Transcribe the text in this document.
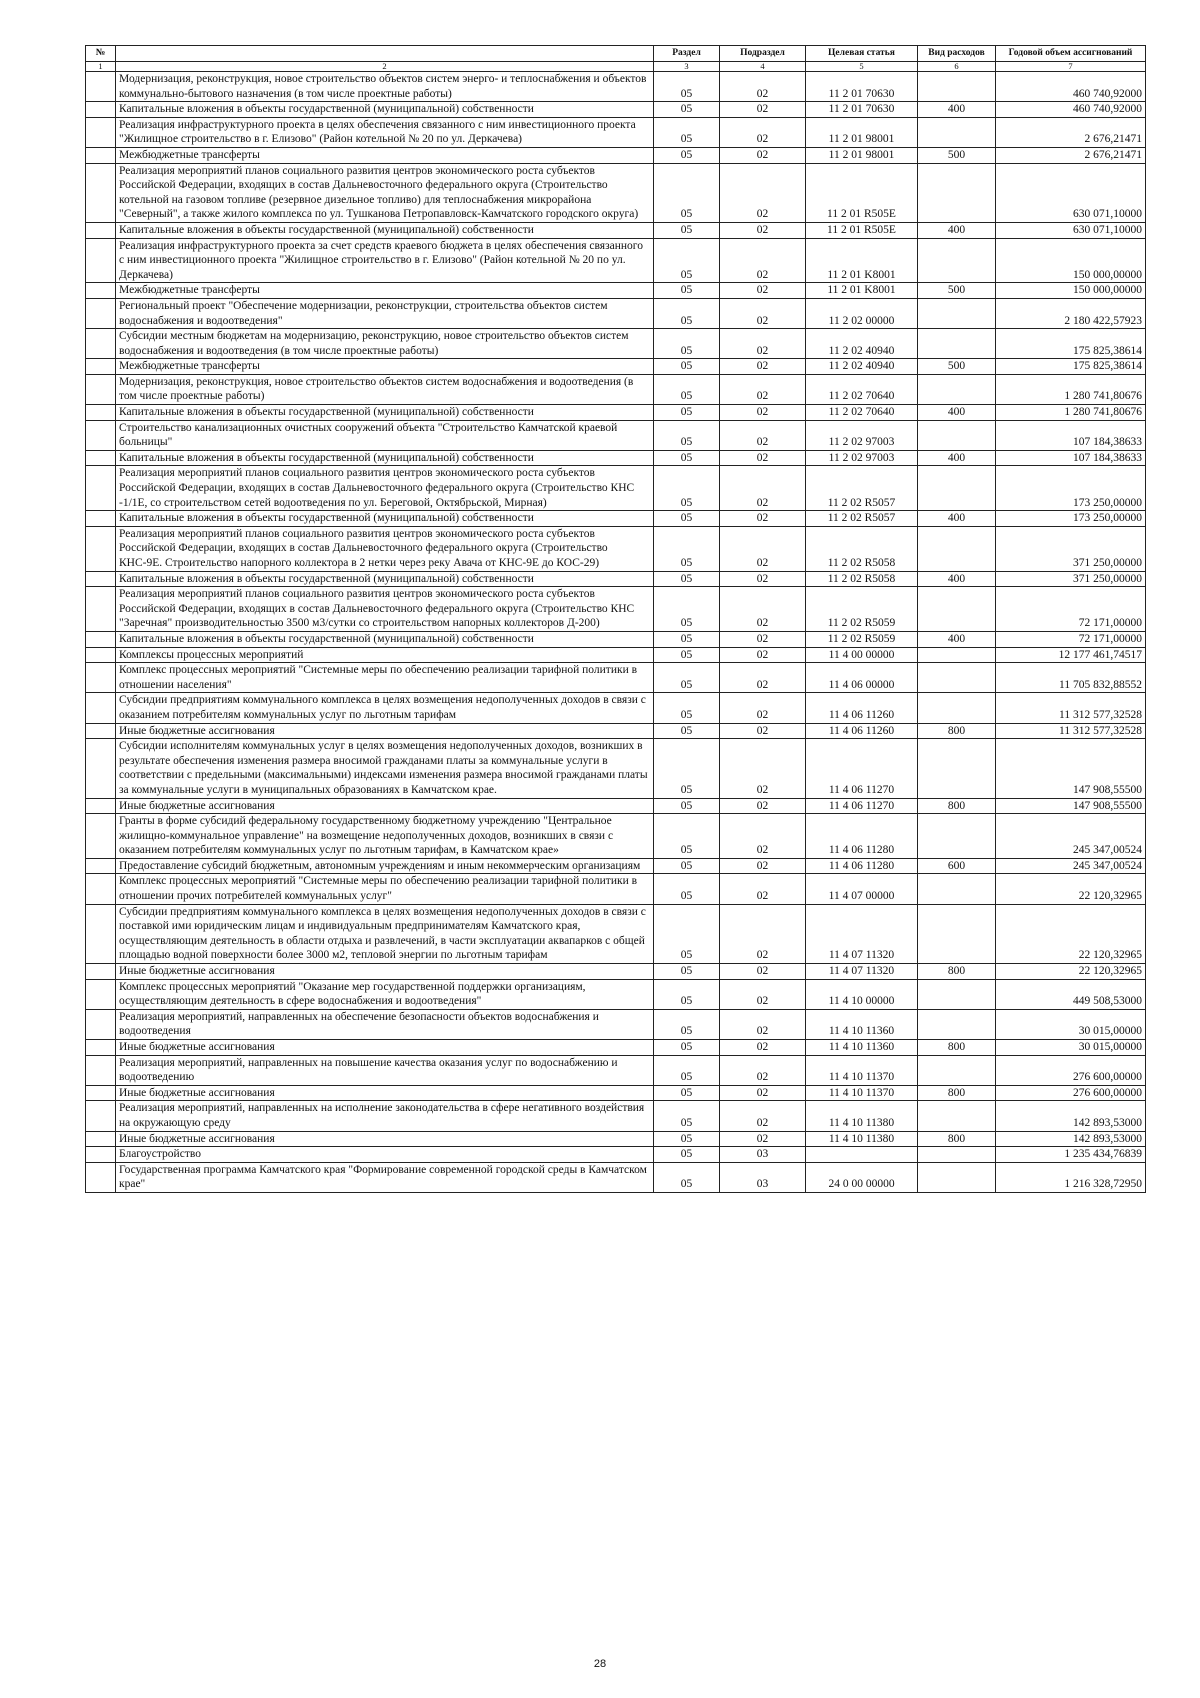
№		Раздел	Подраздел	Целевая статья	Вид расходов	Годовой объем ассигнований
1	2	3	4	5	6	7
	Модернизация, реконструкция, новое строительство объектов систем энерго- и теплоснабжения и объектов коммунально-бытового назначения (в том числе проектные работы)	05	02	11 2 01 70630		460 740,92000
	Капитальные вложения в объекты государственной (муниципальной) собственности	05	02	11 2 01 70630	400	460 740,92000
	Реализация инфраструктурного проекта в целях обеспечения связанного с ним инвестиционного проекта "Жилищное строительство в г. Елизово" (Район котельной № 20 по ул. Деркачева)	05	02	11 2 01 98001		2 676,21471
	Межбюджетные трансферты	05	02	11 2 01 98001	500	2 676,21471
	Реализация мероприятий планов социального развития центров экономического роста субъектов Российской Федерации, входящих в состав Дальневосточного федерального округа (Строительство котельной на газовом топливе (резервное дизельное топливо) для теплоснабжения микрорайона "Северный", а также жилого комплекса по ул. Тушканова Петропавловск-Камчатского городского округа)	05	02	11 2 01 R505E		630 071,10000
	Капитальные вложения в объекты государственной (муниципальной) собственности	05	02	11 2 01 R505E	400	630 071,10000
	Реализация инфраструктурного проекта за счет средств краевого бюджета в целях обеспечения связанного с ним инвестиционного проекта "Жилищное строительство в г. Елизово" (Район котельной № 20 по ул. Деркачева)	05	02	11 2 01 K8001		150 000,00000
	Межбюджетные трансферты	05	02	11 2 01 K8001	500	150 000,00000
	Региональный проект "Обеспечение модернизации, реконструкции, строительства объектов систем водоснабжения и водоотведения"	05	02	11 2 02 00000		2 180 422,57923
	Субсидии местным бюджетам на модернизацию, реконструкцию, новое строительство объектов систем водоснабжения и водоотведения (в том числе проектные работы)	05	02	11 2 02 40940		175 825,38614
	Межбюджетные трансферты	05	02	11 2 02 40940	500	175 825,38614
	Модернизация, реконструкция, новое строительство объектов систем водоснабжения и водоотведения (в том числе проектные работы)	05	02	11 2 02 70640		1 280 741,80676
	Капитальные вложения в объекты государственной (муниципальной) собственности	05	02	11 2 02 70640	400	1 280 741,80676
	Строительство канализационных очистных сооружений объекта "Строительство Камчатской краевой больницы"	05	02	11 2 02 97003		107 184,38633
	Капитальные вложения в объекты государственной (муниципальной) собственности	05	02	11 2 02 97003	400	107 184,38633
	Реализация мероприятий планов социального развития центров экономического роста субъектов Российской Федерации, входящих в состав Дальневосточного федерального округа (Строительство КНС -1/1Е, со строительством сетей водоотведения по ул. Береговой, Октябрьской, Мирная)	05	02	11 2 02 R5057		173 250,00000
	Капитальные вложения в объекты государственной (муниципальной) собственности	05	02	11 2 02 R5057	400	173 250,00000
	Реализация мероприятий планов социального развития центров экономического роста субъектов Российской Федерации, входящих в состав Дальневосточного федерального округа (Строительство КНС-9Е. Строительство напорного коллектора в 2 нетки через реку Авача от КНС-9Е до КОС-29)	05	02	11 2 02 R5058		371 250,00000
	Капитальные вложения в объекты государственной (муниципальной) собственности	05	02	11 2 02 R5058	400	371 250,00000
	Реализация мероприятий планов социального развития центров экономического роста субъектов Российской Федерации, входящих в состав Дальневосточного федерального округа (Строительство КНС "Заречная" производительностью 3500 м3/сутки со строительством напорных коллекторов Д-200)	05	02	11 2 02 R5059		72 171,00000
	Капитальные вложения в объекты государственной (муниципальной) собственности	05	02	11 2 02 R5059	400	72 171,00000
	Комплексы процессных мероприятий	05	02	11 4 00 00000		12 177 461,74517
	Комплекс процессных мероприятий "Системные меры по обеспечению реализации тарифной политики в отношении населения"	05	02	11 4 06 00000		11 705 832,88552
	Субсидии предприятиям коммунального комплекса в целях возмещения недополученных доходов в связи с оказанием потребителям коммунальных услуг по льготным тарифам	05	02	11 4 06 11260		11 312 577,32528
	Иные бюджетные ассигнования	05	02	11 4 06 11260	800	11 312 577,32528
	Субсидии исполнителям коммунальных услуг в целях возмещения недополученных доходов, возникших в результате обеспечения изменения размера вносимой гражданами платы за коммунальные услуги в соответствии с предельными (максимальными) индексами изменения размера вносимой гражданами платы за коммунальные услуги в муниципальных образованиях в Камчатском крае.	05	02	11 4 06 11270		147 908,55500
	Иные бюджетные ассигнования	05	02	11 4 06 11270	800	147 908,55500
	Гранты в форме субсидий федеральному государственному бюджетному учреждению "Центральное жилищно-коммунальное управление" на возмещение недополученных доходов, возникших в связи с оказанием потребителям коммунальных услуг по льготным тарифам, в Камчатском крае»	05	02	11 4 06 11280		245 347,00524
	Предоставление субсидий бюджетным, автономным учреждениям и иным некоммерческим организациям	05	02	11 4 06 11280	600	245 347,00524
	Комплекс процессных мероприятий "Системные меры по обеспечению реализации тарифной политики в отношении прочих потребителей коммунальных услуг"	05	02	11 4 07 00000		22 120,32965
	Субсидии предприятиям коммунального комплекса в целях возмещения недополученных доходов в связи с поставкой ими юридическим лицам и индивидуальным предпринимателям Камчатского края, осуществляющим деятельность в области отдыха и развлечений, в части эксплуатации аквапарков с общей площадью водной поверхности более 3000 м2, тепловой энергии по льготным тарифам	05	02	11 4 07 11320		22 120,32965
	Иные бюджетные ассигнования	05	02	11 4 07 11320	800	22 120,32965
	Комплекс процессных мероприятий "Оказание мер государственной поддержки организациям, осуществляющим деятельность в сфере водоснабжения и водоотведения"	05	02	11 4 10 00000		449 508,53000
	Реализация мероприятий, направленных на обеспечение безопасности объектов водоснабжения и водоотведения	05	02	11 4 10 11360		30 015,00000
	Иные бюджетные ассигнования	05	02	11 4 10 11360	800	30 015,00000
	Реализация мероприятий, направленных на повышение качества оказания услуг по водоснабжению и водоотведению	05	02	11 4 10 11370		276 600,00000
	Иные бюджетные ассигнования	05	02	11 4 10 11370	800	276 600,00000
	Реализация мероприятий, направленных на исполнение законодательства в сфере негативного воздействия на окружающую среду	05	02	11 4 10 11380		142 893,53000
	Иные бюджетные ассигнования	05	02	11 4 10 11380	800	142 893,53000
	Благоустройство	05	03			1 235 434,76839
	Государственная программа Камчатского края "Формирование современной городской среды в Камчатском крае"	05	03	24 0 00 00000		1 216 328,72950
28
